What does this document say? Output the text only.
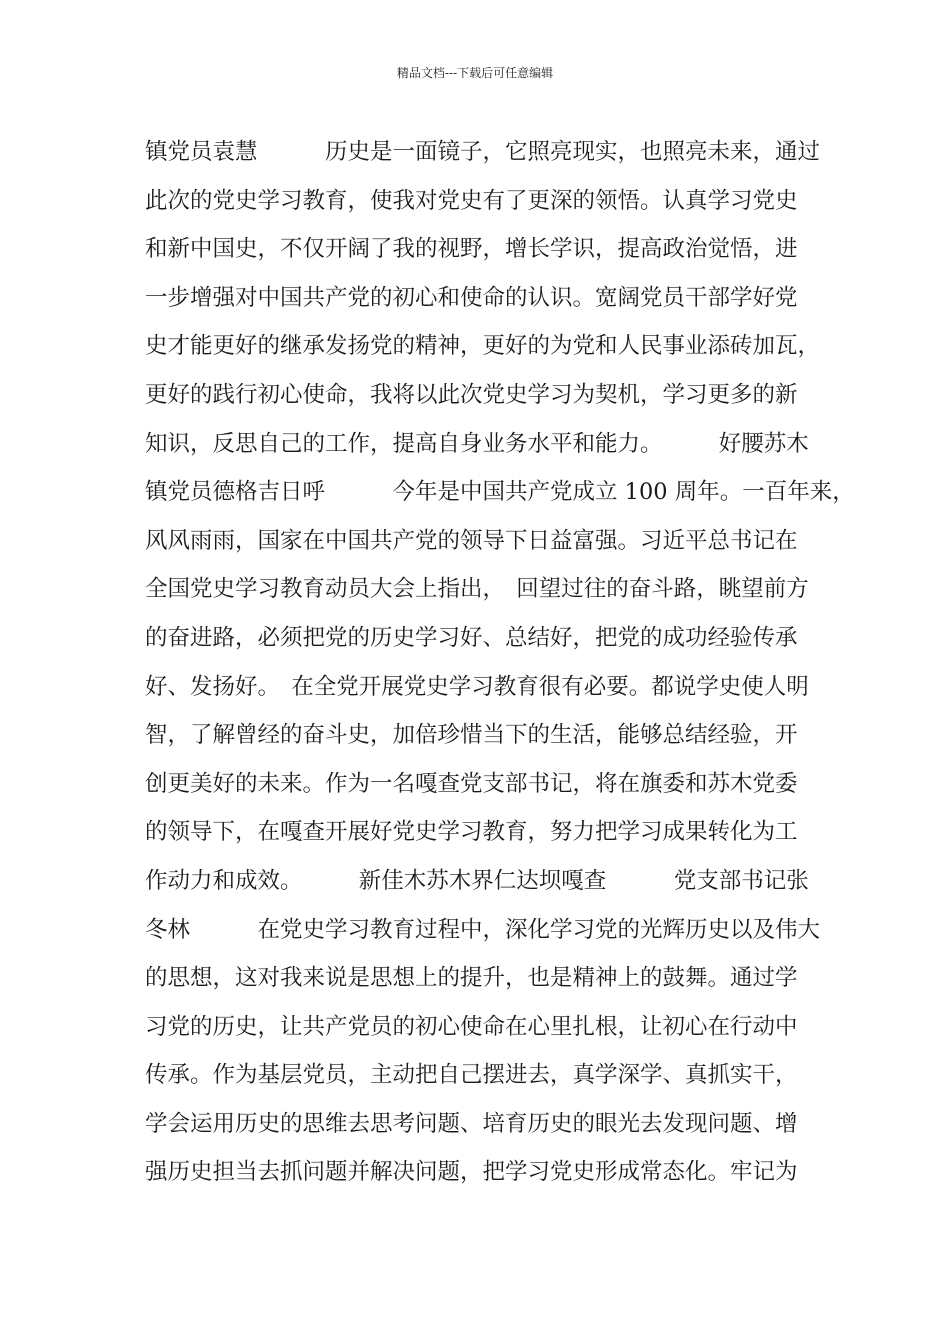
精品文档---下载后可任意编辑
镇党员袁慧　　　历史是一面镜子，它照亮现实，也照亮未来，通过
此次的党史学习教育，使我对党史有了更深的领悟。认真学习党史
和新中国史，不仅开阔了我的视野，增长学识，提高政治觉悟，进
一步增强对中国共产党的初心和使命的认识。宽阔党员干部学好党
史才能更好的继承发扬党的精神，更好的为党和人民事业添砖加瓦，
更好的践行初心使命，我将以此次党史学习为契机，学习更多的新
知识，反思自己的工作，提高自身业务水平和能力。　　　好腰苏木
镇党员德格吉日呼　　　今年是中国共产党成立 100 周年。一百年来，
风风雨雨，国家在中国共产党的领导下日益富强。习近平总书记在
全国党史学习教育动员大会上指出，　回望过往的奋斗路，眺望前方
的奋进路，必须把党的历史学习好、总结好，把党的成功经验传承
好、发扬好。　在全党开展党史学习教育很有必要。都说学史使人明
智，了解曾经的奋斗史，加倍珍惜当下的生活，能够总结经验，开
创更美好的未来。作为一名嘎查党支部书记，将在旗委和苏木党委
的领导下，在嘎查开展好党史学习教育，努力把学习成果转化为工
作动力和成效。　　　新佳木苏木界仁达坝嘎查　　　党支部书记张
冬林　　　在党史学习教育过程中，深化学习党的光辉历史以及伟大
的思想，这对我来说是思想上的提升，也是精神上的鼓舞。通过学
习党的历史，让共产党员的初心使命在心里扎根，让初心在行动中
传承。作为基层党员，主动把自己摆进去，真学深学、真抓实干，
学会运用历史的思维去思考问题、培育历史的眼光去发现问题、增
强历史担当去抓问题并解决问题，把学习党史形成常态化。牢记为
